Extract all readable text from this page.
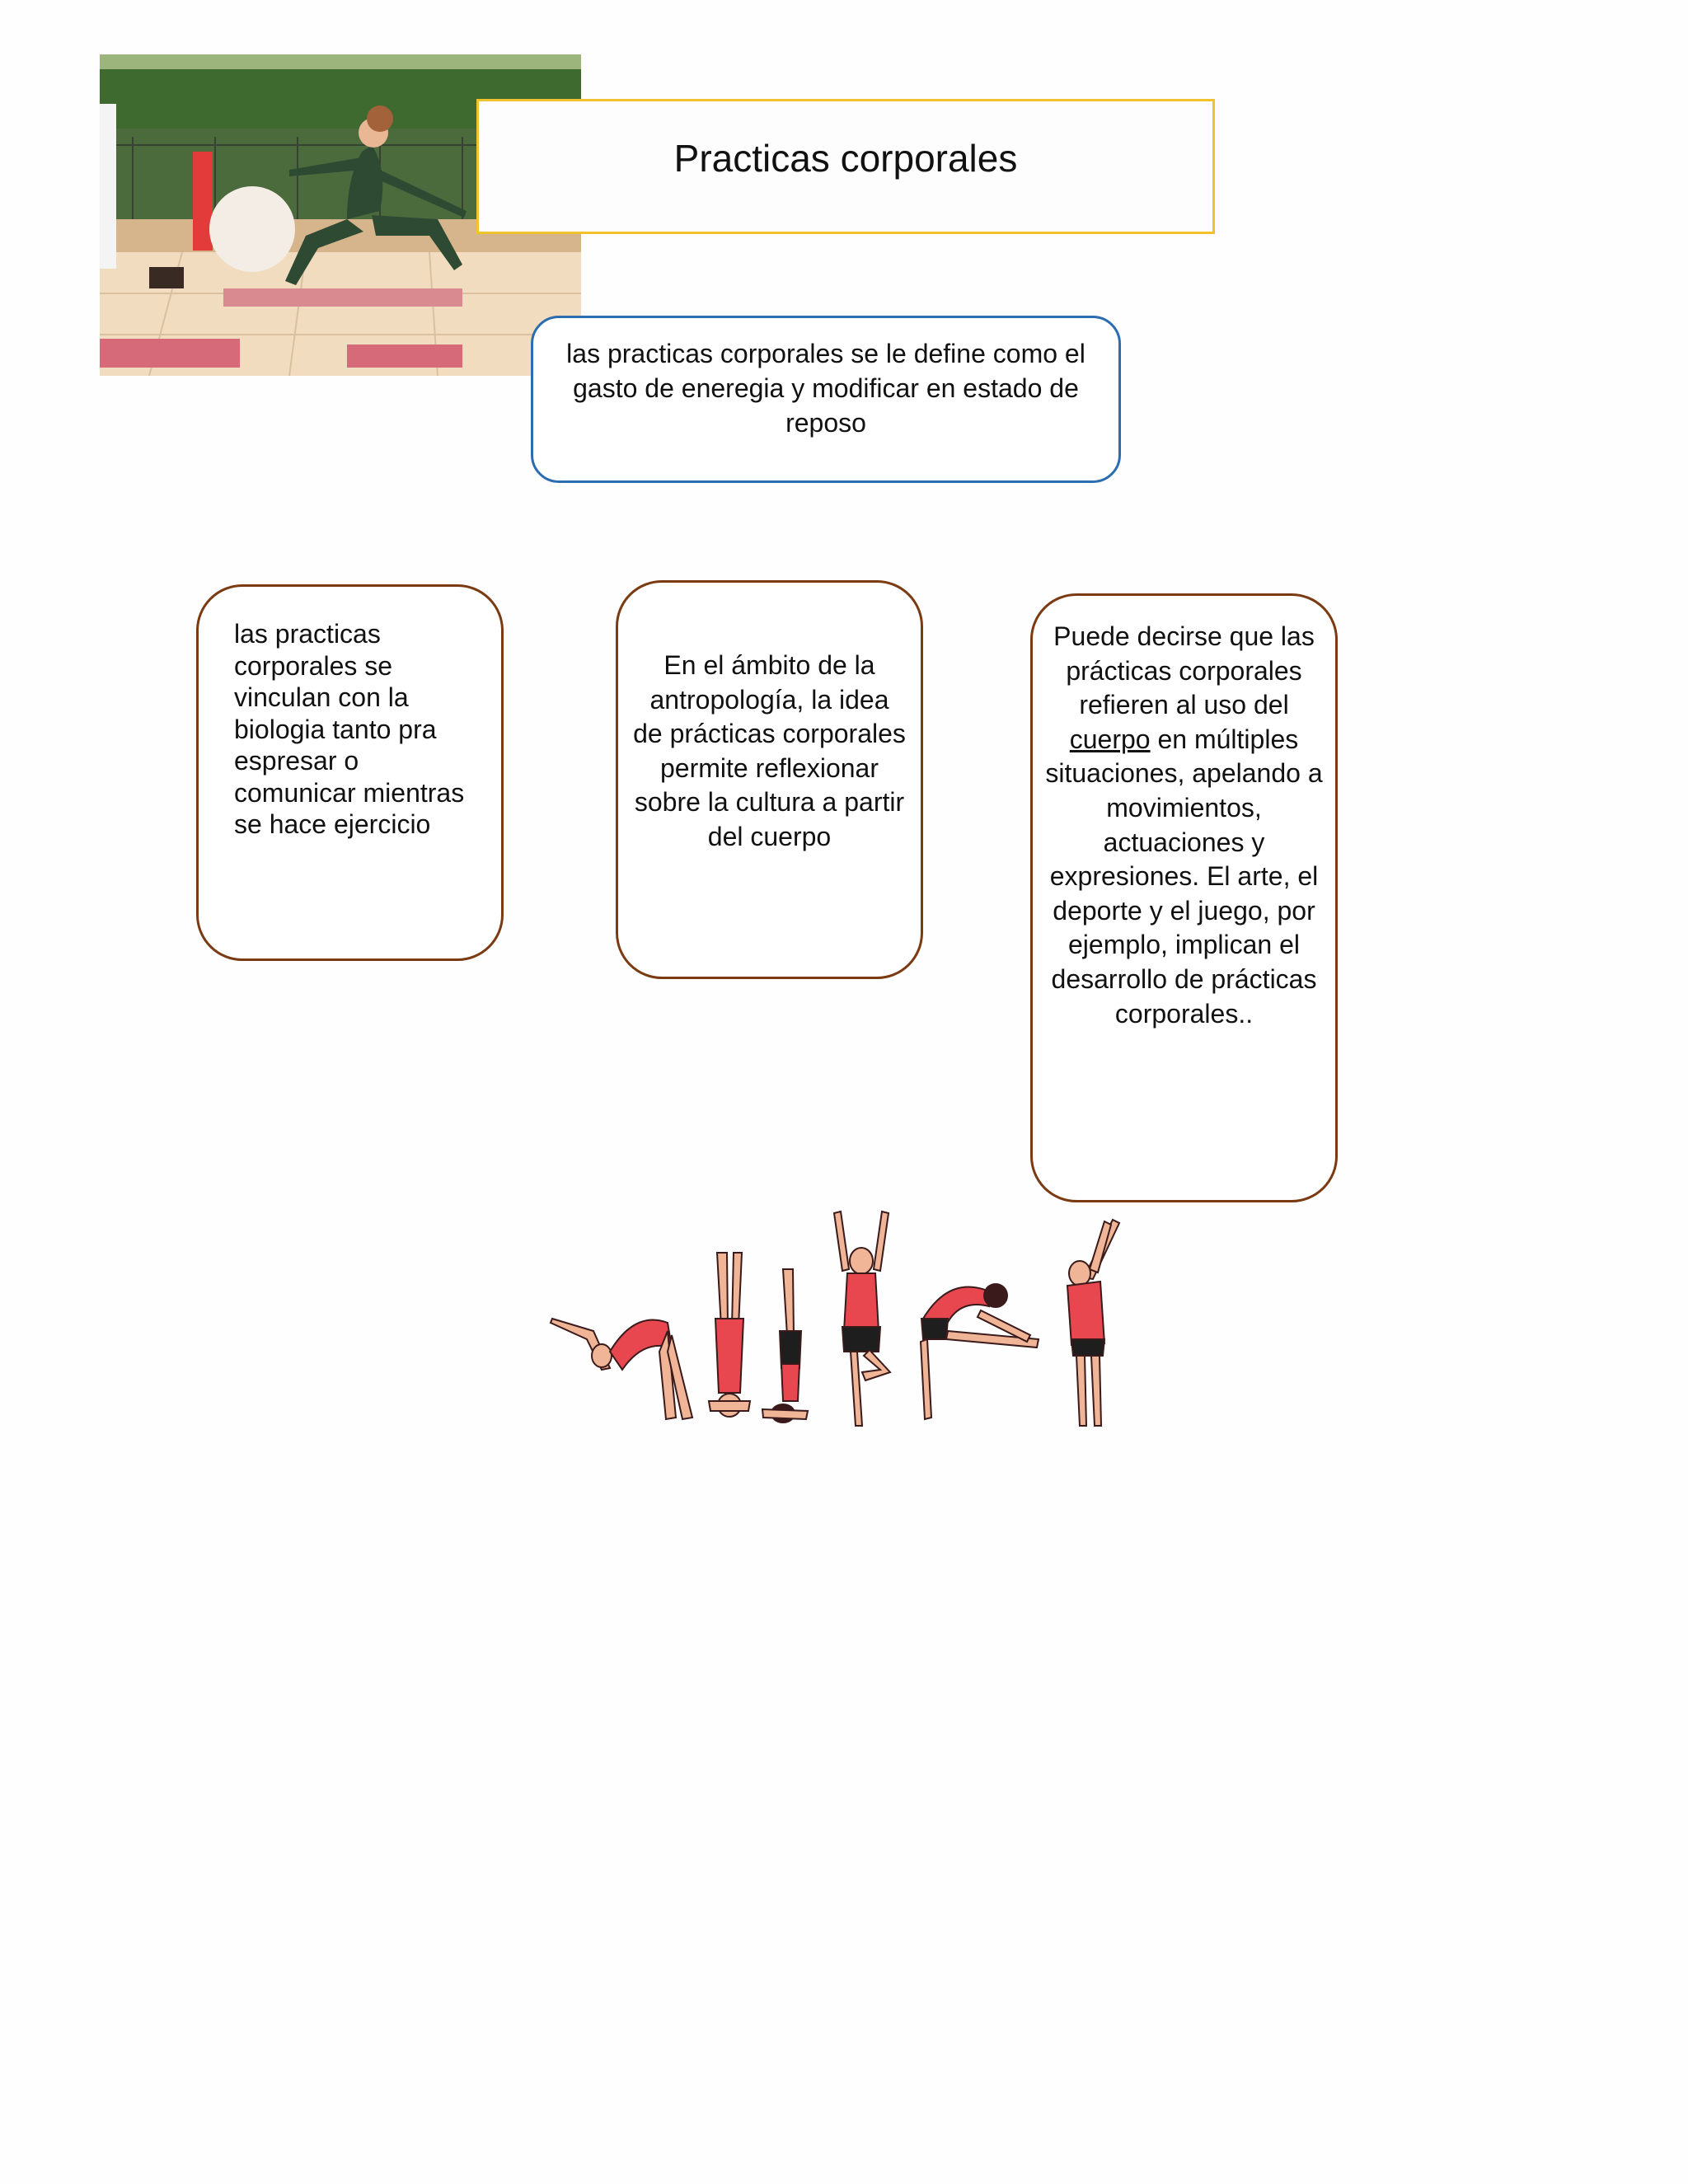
Practicas corporales
las practicas corporales se le define como el gasto de eneregia y modificar en estado de reposo
las practicas corporales se vinculan con la biologia tanto pra espresar o comunicar mientras se hace ejercicio
En el ámbito de la antropología, la idea de prácticas corporales permite reflexionar sobre la cultura a partir del cuerpo
Puede decirse que las prácticas corporales refieren al uso del cuerpo en múltiples situaciones, apelando a movimientos, actuaciones y expresiones. El arte, el deporte y el juego, por ejemplo, implican el desarrollo de prácticas corporales..
